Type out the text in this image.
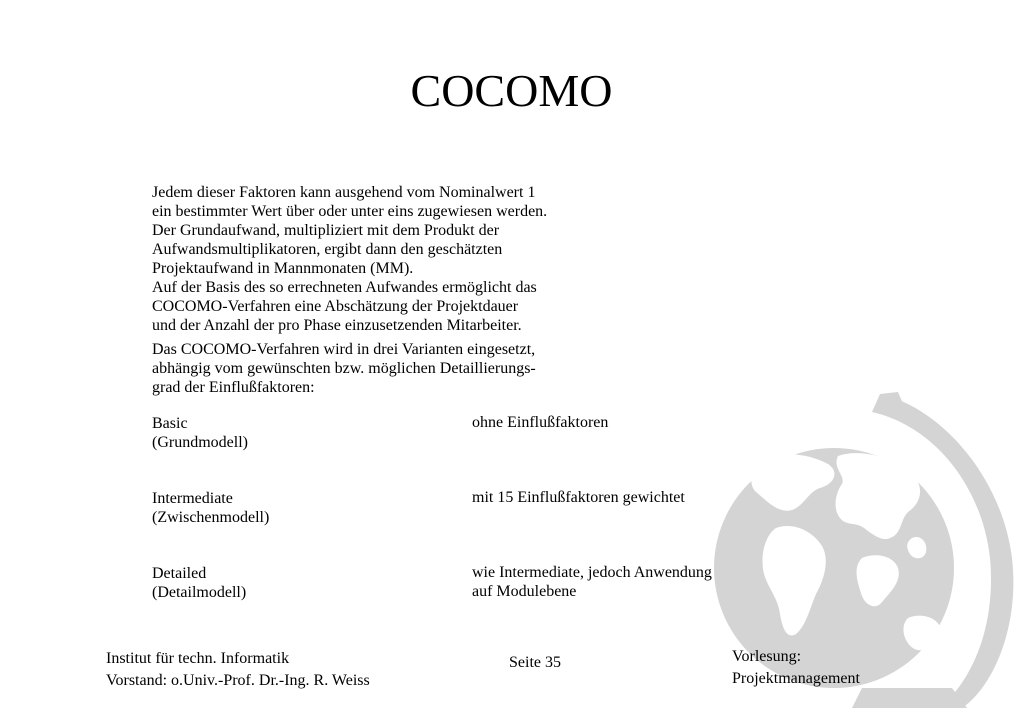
COCOMO
Jedem dieser Faktoren kann ausgehend vom Nominalwert 1
ein bestimmter Wert über oder unter eins zugewiesen werden.
Der Grundaufwand, multipliziert mit dem Produkt der
Aufwandsmultiplikatoren, ergibt dann den geschätzten
Projektaufwand in Mannmonaten (MM).
Auf der Basis des so errechneten Aufwandes ermöglicht das
COCOMO-Verfahren eine Abschätzung der Projektdauer
und der Anzahl der pro Phase einzusetzenden Mitarbeiter.
Das COCOMO-Verfahren wird in drei Varianten eingesetzt,
abhängig vom gewünschten bzw. möglichen Detaillierungs-
grad der Einflußfaktoren:
Basic
(Grundmodell)
ohne Einflußfaktoren
Intermediate
(Zwischenmodell)
mit 15 Einflußfaktoren gewichtet
Detailed
(Detailmodell)
wie Intermediate, jedoch Anwendung
auf Modulebene
Institut für techn. Informatik
Vorstand: o.Univ.-Prof. Dr.-Ing. R. Weiss
Seite 35	Vorlesung:
Projektmanagement
